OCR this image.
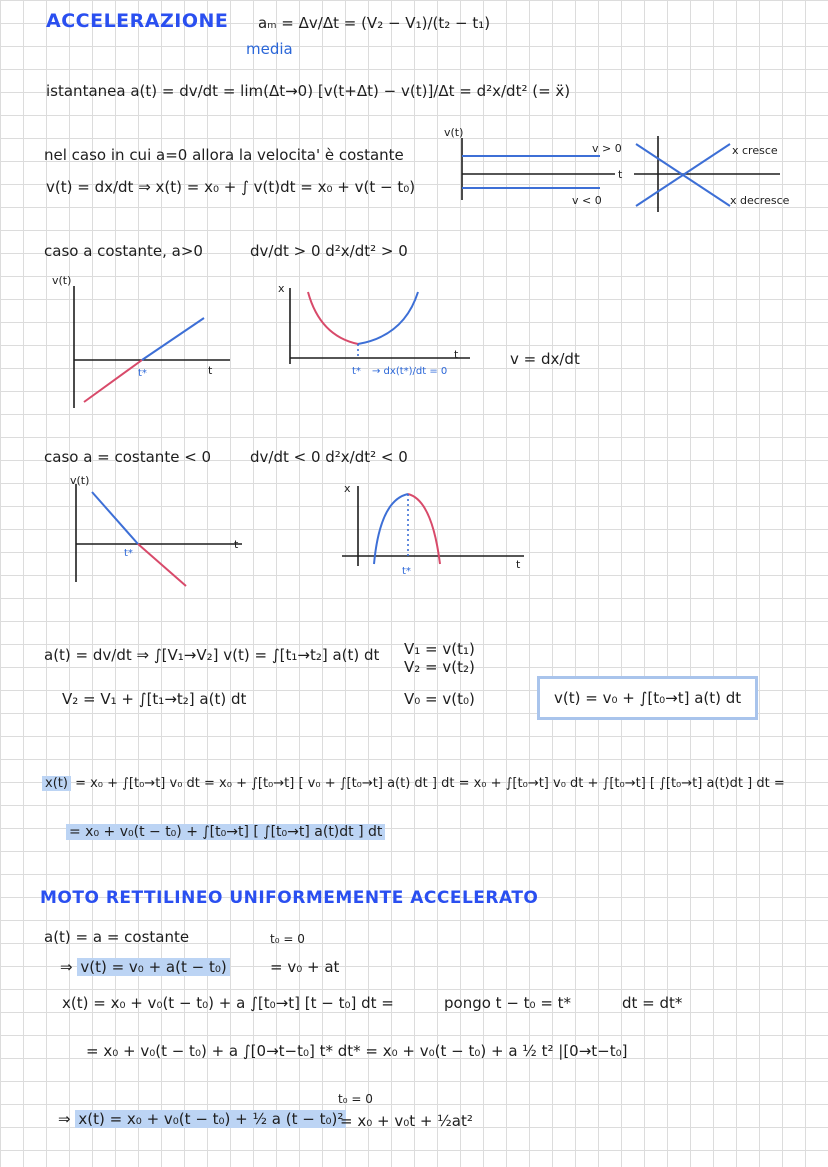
ACCELERAZIONE aₘ = Δv/Δt = (V₂ − V₁)/(t₂ − t₁)
media
istantanea a(t) = dv/dt = lim(Δt→0) [v(t+Δt) − v(t)]/Δt = d²x/dt² (= ẍ)
nel caso in cui a=0 allora la velocita' è costante
v(t) = dx/dt ⇒ x(t) = x₀ + ∫ v(t)dt = x₀ + v(t − t₀)
v(t)
t
v > 0
v < 0
x cresce
x decresce
caso a costante, a>0	dv/dt > 0 d²x/dt² > 0
v(t)
t
t*
x
t
t* → dx(t*)/dt = 0
v = dx/dt
caso a = costante < 0	dv/dt < 0 d²x/dt² < 0
v(t)
t
t*
x
t
t*
a(t) = dv/dt ⇒ ∫[V₁→V₂] v(t) = ∫[t₁→t₂] a(t) dt V₁ = v(t₁)
V₂ = v(t₂)
V₂ = V₁ + ∫[t₁→t₂] a(t) dt	V₀ = v(t₀)	v(t) = v₀ + ∫[t₀→t] a(t) dt
x(t) = x₀ + ∫[t₀→t] v₀ dt = x₀ + ∫[t₀→t] [ v₀ + ∫[t₀→t] a(t) dt ] dt = x₀ + ∫[t₀→t] v₀ dt + ∫[t₀→t] [ ∫[t₀→t] a(t)dt ] dt =
= x₀ + v₀(t − t₀) + ∫[t₀→t] [ ∫[t₀→t] a(t)dt ] dt
MOTO RETTILINEO UNIFORMEMENTE ACCELERATO
a(t) = a = costante	t₀ = 0
⇒ v(t) = v₀ + a(t − t₀)	= v₀ + at
x(t) = x₀ + v₀(t − t₀) + a ∫[t₀→t] [t − t₀] dt =	pongo t − t₀ = t*	dt = dt*
= x₀ + v₀(t − t₀) + a ∫[0→t−t₀] t* dt* = x₀ + v₀(t − t₀) + a ½ t² |[0→t−t₀]
t₀ = 0
⇒ x(t) = x₀ + v₀(t − t₀) + ½ a (t − t₀)²
= x₀ + v₀t + ½at²
